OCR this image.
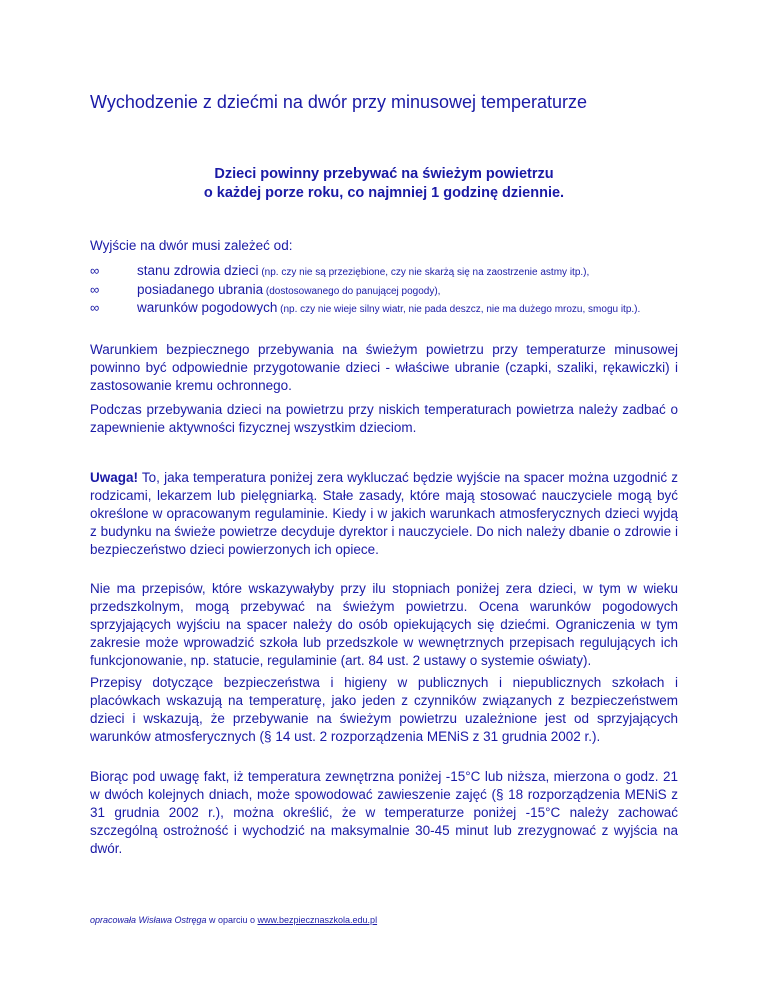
Wychodzenie z dziećmi na dwór przy minusowej temperaturze
Dzieci powinny przebywać na świeżym powietrzu
o każdej porze roku, co najmniej 1 godzinę dziennie.
Wyjście na dwór musi zależeć od:
∞	stanu zdrowia dzieci (np. czy nie są przeziębione, czy nie skarżą się na zaostrzenie astmy itp.),
∞	posiadanego ubrania (dostosowanego do panującej pogody),
∞	warunków pogodowych (np. czy nie wieje silny wiatr, nie pada deszcz, nie ma dużego mrozu, smogu itp.).
Warunkiem bezpiecznego przebywania na świeżym powietrzu przy temperaturze minusowej powinno być odpowiednie przygotowanie dzieci - właściwe ubranie (czapki, szaliki, rękawiczki) i zastosowanie kremu ochronnego.
Podczas przebywania dzieci na powietrzu przy niskich temperaturach powietrza należy zadbać o zapewnienie aktywności fizycznej wszystkim dzieciom.
Uwaga! To, jaka temperatura poniżej zera wykluczać będzie wyjście na spacer można uzgodnić z rodzicami, lekarzem lub pielęgniarką. Stałe zasady, które mają stosować nauczyciele mogą być określone w opracowanym regulaminie. Kiedy i w jakich warunkach atmosferycznych dzieci wyjdą z budynku na świeże powietrze decyduje dyrektor i nauczyciele. Do nich należy dbanie o zdrowie i bezpieczeństwo dzieci powierzonych ich opiece.
Nie ma przepisów, które wskazywałyby przy ilu stopniach poniżej zera dzieci, w tym w wieku przedszkolnym, mogą przebywać na świeżym powietrzu. Ocena warunków pogodowych sprzyjających wyjściu na spacer należy do osób opiekujących się dziećmi. Ograniczenia w tym zakresie może wprowadzić szkoła lub przedszkole w wewnętrznych przepisach regulujących ich funkcjonowanie, np. statucie, regulaminie (art. 84 ust. 2 ustawy o systemie oświaty).
Przepisy dotyczące bezpieczeństwa i higieny w publicznych i niepublicznych szkołach i placówkach wskazują na temperaturę, jako jeden z czynników związanych z bezpieczeństwem dzieci i wskazują, że przebywanie na świeżym powietrzu uzależnione jest od sprzyjających warunków atmosferycznych (§ 14 ust. 2 rozporządzenia MENiS z 31 grudnia 2002 r.).
Biorąc pod uwagę fakt, iż temperatura zewnętrzna poniżej -15°C lub niższa, mierzona o godz. 21 w dwóch kolejnych dniach, może spowodować zawieszenie zajęć (§ 18 rozporządzenia MENiS z 31 grudnia 2002 r.), można określić, że w temperaturze poniżej -15°C należy zachować szczególną ostrożność i wychodzić na maksymalnie 30-45 minut lub zrezygnować z wyjścia na dwór.
opracowała Wisława Ostręga w oparciu o www.bezpiecznaszkola.edu.pl
